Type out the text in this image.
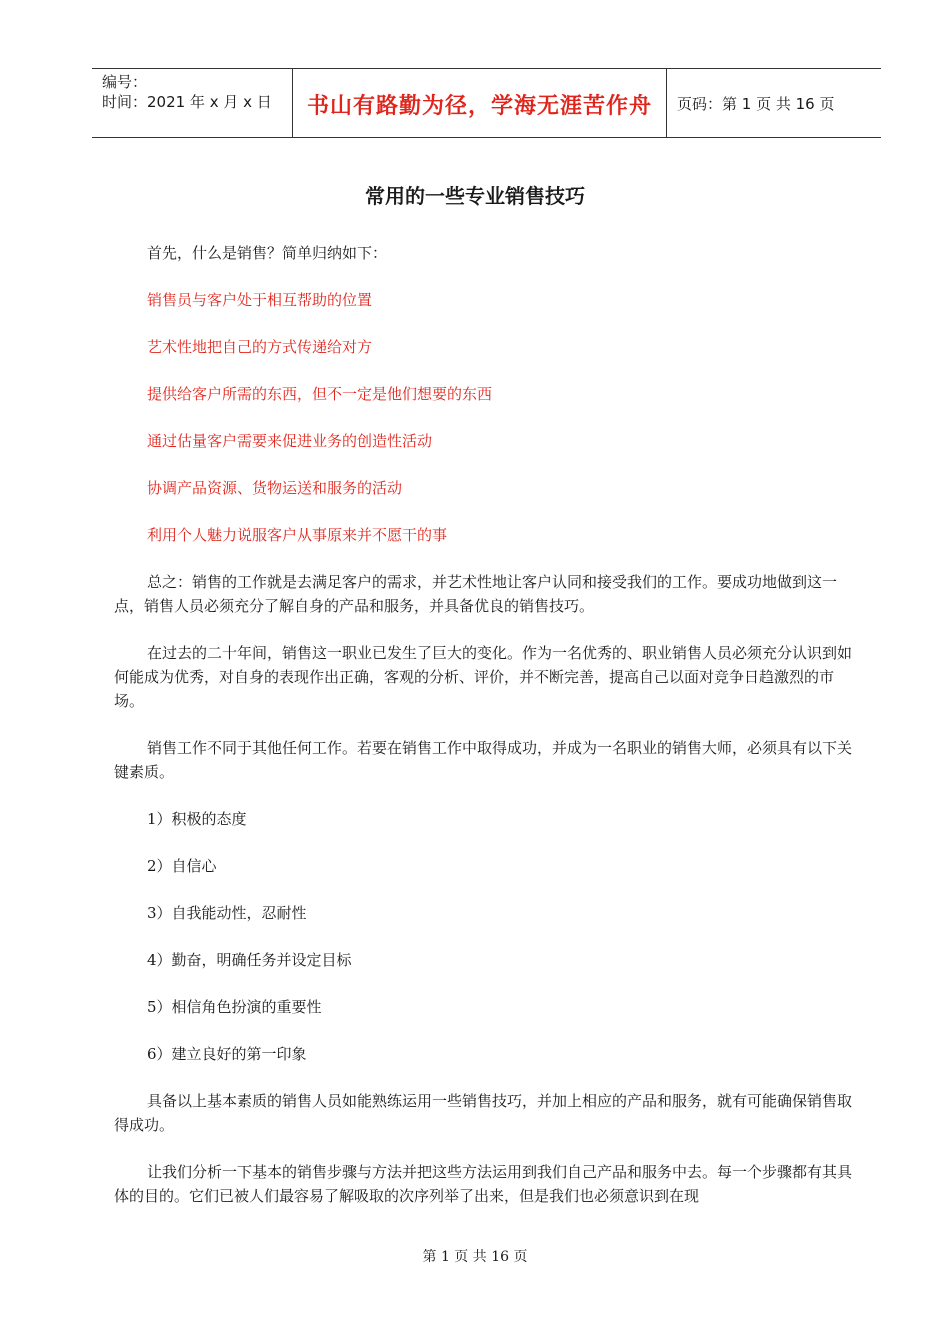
编号：
时间：2021 年 x 月 x 日	书山有路勤为径，学海无涯苦作舟	页码：第 1 页 共 16 页
常用的一些专业销售技巧

首先，什么是销售？简单归纳如下：

销售员与客户处于相互帮助的位置

艺术性地把自己的方式传递给对方

提供给客户所需的东西，但不一定是他们想要的东西

通过估量客户需要来促进业务的创造性活动

协调产品资源、货物运送和服务的活动

利用个人魅力说服客户从事原来并不愿干的事

总之：销售的工作就是去满足客户的需求，并艺术性地让客户认同和接受我们的工作。要成功地做到这一点，销售人员必须充分了解自身的产品和服务，并具备优良的销售技巧。

在过去的二十年间，销售这一职业已发生了巨大的变化。作为一名优秀的、职业销售人员必须充分认识到如何能成为优秀，对自身的表现作出正确，客观的分析、评价，并不断完善，提高自己以面对竞争日趋激烈的市场。

销售工作不同于其他任何工作。若要在销售工作中取得成功，并成为一名职业的销售大师，必须具有以下关键素质。

1）积极的态度

2）自信心

3）自我能动性，忍耐性

4）勤奋，明确任务并设定目标

5）相信角色扮演的重要性

6）建立良好的第一印象

具备以上基本素质的销售人员如能熟练运用一些销售技巧，并加上相应的产品和服务，就有可能确保销售取得成功。

让我们分析一下基本的销售步骤与方法并把这些方法运用到我们自己产品和服务中去。每一个步骤都有其具体的目的。它们已被人们最容易了解吸取的次序列举了出来，但是我们也必须意识到在现

第 1 页 共 16 页
